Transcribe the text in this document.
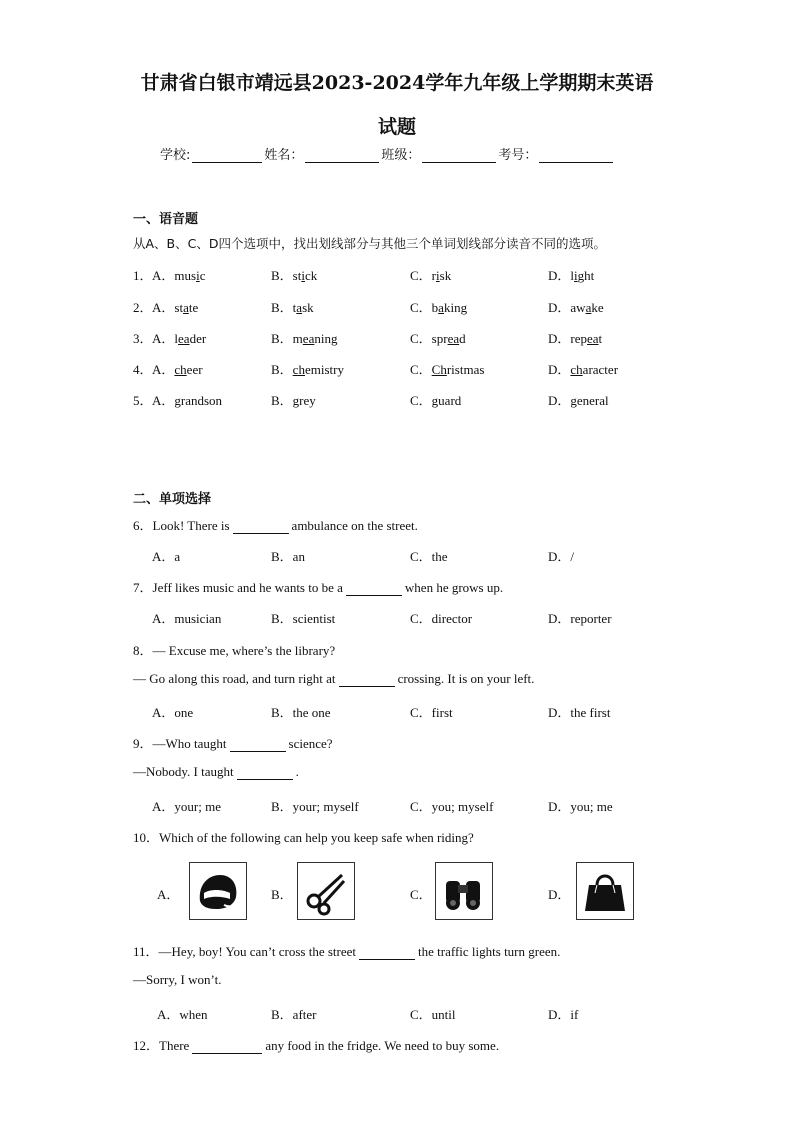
甘肃省白银市靖远县2023-2024学年九年级上学期期末英语
试题
学校:	姓名：	班级：	考号：
一、语音题
从A、B、C、D四个选项中，找出划线部分与其他三个单词划线部分读音不同的选项。
1． A．music	B．stick	C．risk	D．light
2． A．state	B．task	C．baking	D．awake
3． A．leader	B．meaning	C．spread	D．repeat
4． A．cheer	B．chemistry	C．Christmas	D．character
5． A．grandson	B．grey	C．guard	D．general
二、单项选择
6．Look! There is	ambulance on the street.
A．a	B．an	C．the	D．/
7．Jeff likes music and he wants to be a	when he grows up.
A．musician	B．scientist	C．director	D．reporter
8．— Excuse me, where’s the library?
— Go along this road, and turn right at	crossing. It is on your left.
A．one	B．the one	C．first	D．the first
9．—Who taught	science?
—Nobody. I taught	.
A．your; me	B．your; myself	C．you; myself	D．you; me
10．Which of the following can help you keep safe when riding?
A．	B．	C．	D．
11．—Hey, boy! You can’t cross the street	the traffic lights turn green.
—Sorry, I won’t.
A．when	B．after	C．until	D．if
12．There	any food in the fridge. We need to buy some.
